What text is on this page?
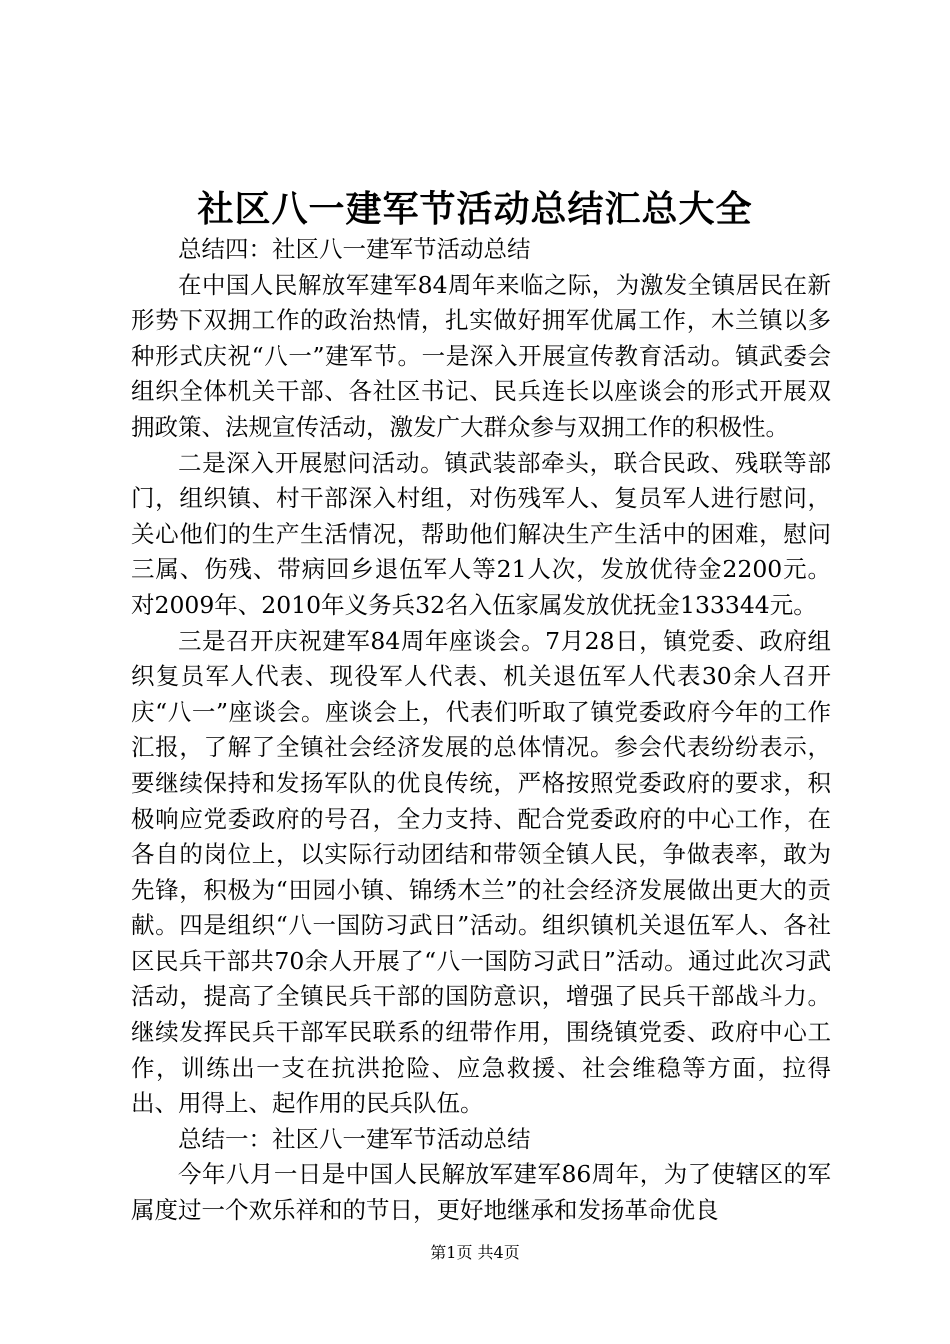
社区八一建军节活动总结汇总大全

总结四：社区八一建军节活动总结

在中国人民解放军建军84周年来临之际，为激发全镇居民在新形势下双拥工作的政治热情，扎实做好拥军优属工作，木兰镇以多种形式庆祝“八一”建军节。一是深入开展宣传教育活动。镇武委会组织全体机关干部、各社区书记、民兵连长以座谈会的形式开展双拥政策、法规宣传活动，激发广大群众参与双拥工作的积极性。

二是深入开展慰问活动。镇武装部牵头，联合民政、残联等部门，组织镇、村干部深入村组，对伤残军人、复员军人进行慰问，关心他们的生产生活情况，帮助他们解决生产生活中的困难，慰问三属、伤残、带病回乡退伍军人等21人次，发放优待金2200元。对2009年、2010年义务兵32名入伍家属发放优抚金133344元。

三是召开庆祝建军84周年座谈会。7月28日，镇党委、政府组织复员军人代表、现役军人代表、机关退伍军人代表30余人召开庆“八一”座谈会。座谈会上，代表们听取了镇党委政府今年的工作汇报，了解了全镇社会经济发展的总体情况。参会代表纷纷表示，要继续保持和发扬军队的优良传统，严格按照党委政府的要求，积极响应党委政府的号召，全力支持、配合党委政府的中心工作，在各自的岗位上，以实际行动团结和带领全镇人民，争做表率，敢为先锋，积极为“田园小镇、锦绣木兰”的社会经济发展做出更大的贡献。四是组织“八一国防习武日”活动。组织镇机关退伍军人、各社区民兵干部共70余人开展了“八一国防习武日”活动。通过此次习武活动，提高了全镇民兵干部的国防意识，增强了民兵干部战斗力。继续发挥民兵干部军民联系的纽带作用，围绕镇党委、政府中心工作，训练出一支在抗洪抢险、应急救援、社会维稳等方面，拉得出、用得上、起作用的民兵队伍。

总结一：社区八一建军节活动总结

今年八月一日是中国人民解放军建军86周年，为了使辖区的军属度过一个欢乐祥和的节日，更好地继承和发扬革命优良

第1页 共4页
